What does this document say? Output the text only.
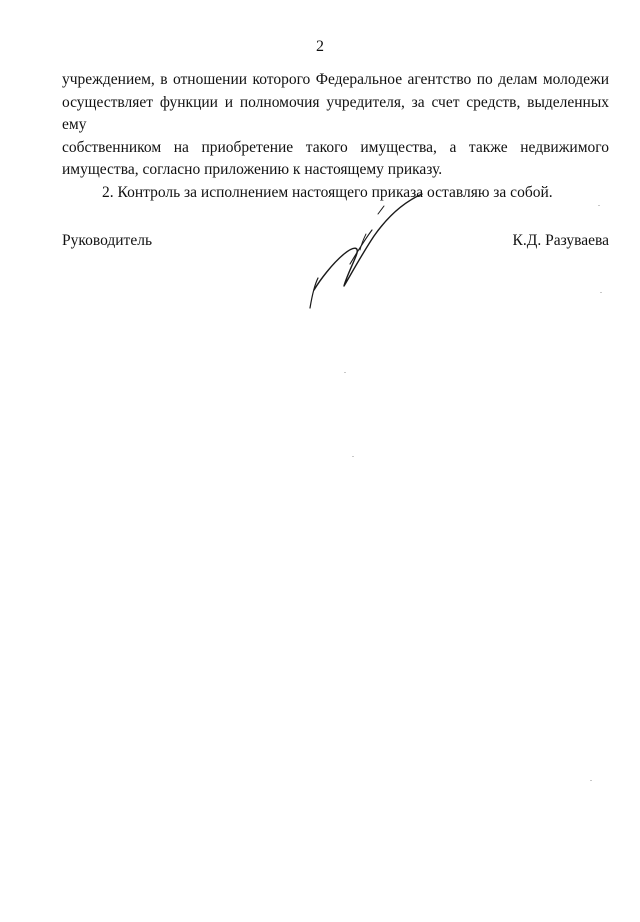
2
учреждением, в отношении которого Федеральное агентство по делам молодежи
осуществляет функции и полномочия учредителя, за счет средств, выделенных ему
собственником на приобретение такого имущества, а также недвижимого
имущества, согласно приложению к настоящему приказу.
2. Контроль за исполнением настоящего приказа оставляю за собой.
Руководитель	К.Д. Разуваева
